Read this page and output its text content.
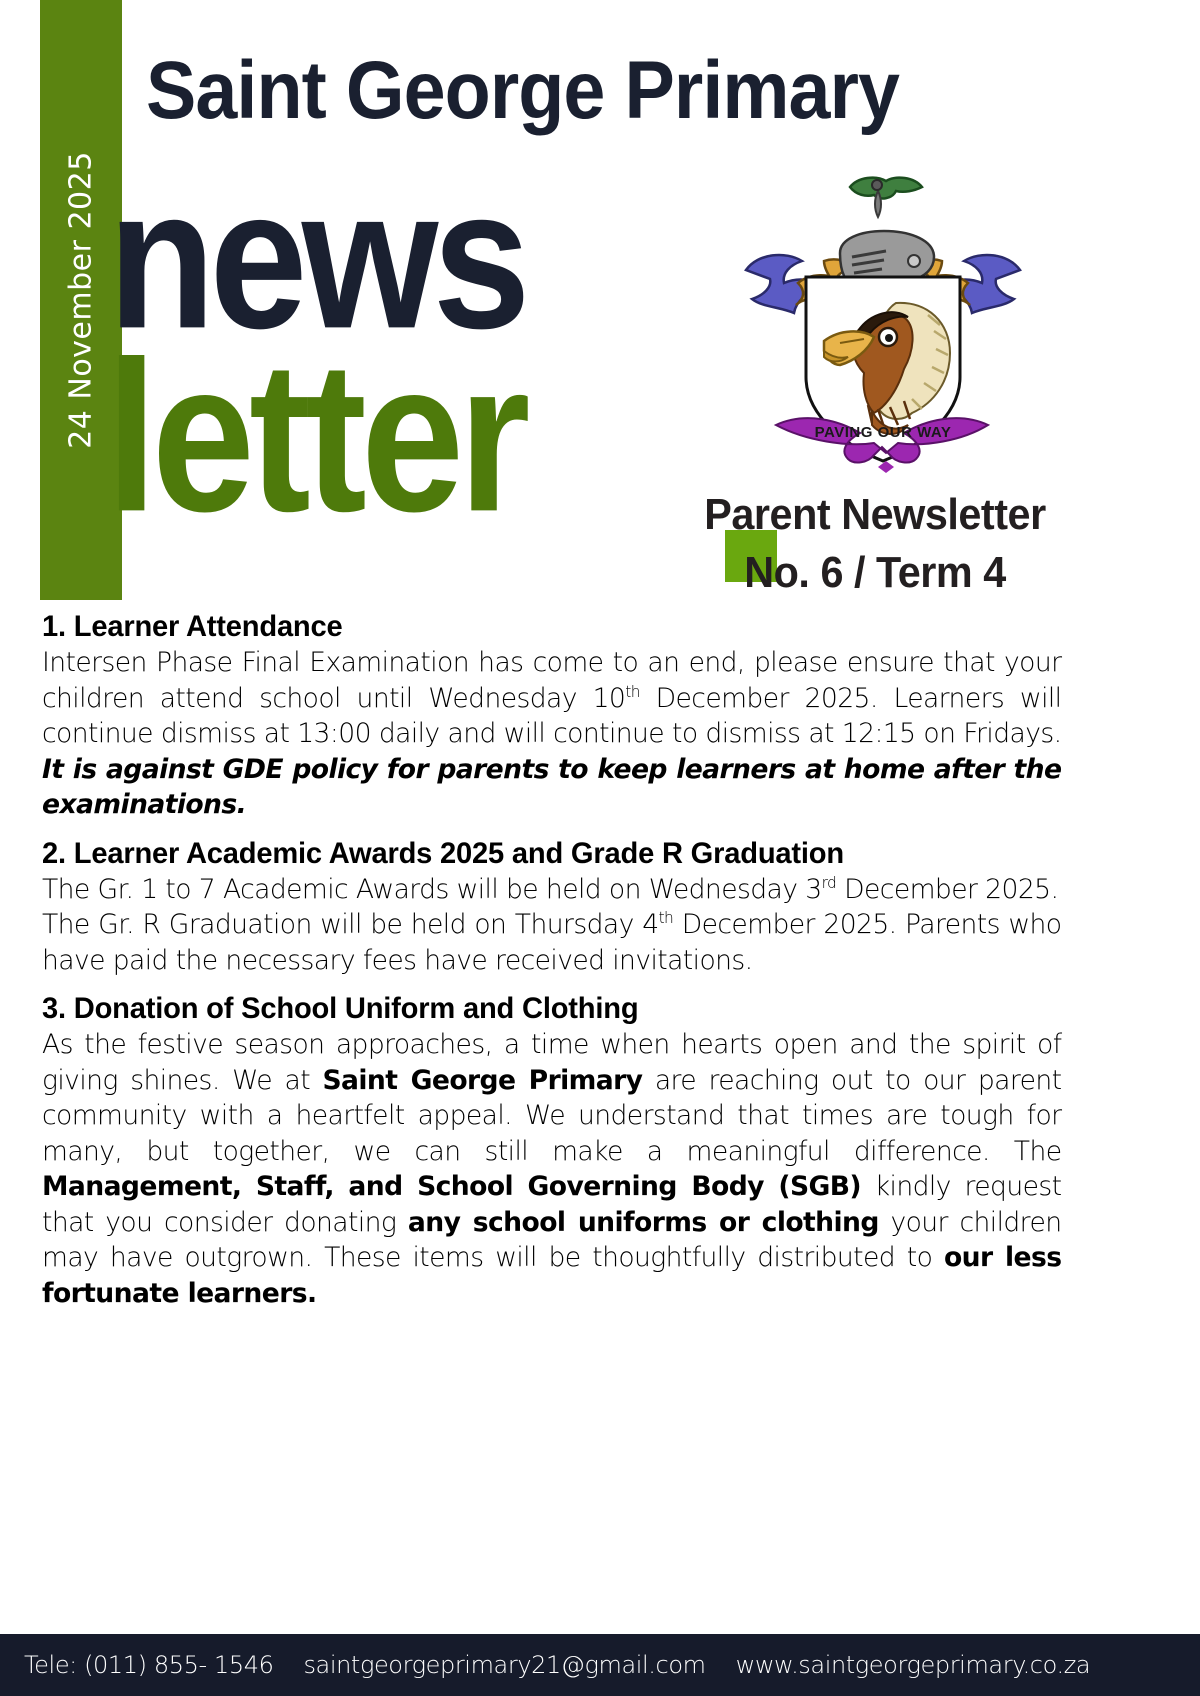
24 November 2025
Saint George Primary
news
letter	PAVING OUR WAY
Parent Newsletter
No. 6 / Term 4
1. Learner Attendance
Intersen Phase Final Examination has come to an end, please ensure that your children attend school until Wednesday 10th December 2025. Learners will continue dismiss at 13:00 daily and will continue to dismiss at 12:15 on Fridays. It is against GDE policy for parents to keep learners at home after the examinations.
2. Learner Academic Awards 2025 and Grade R Graduation
The Gr. 1 to 7 Academic Awards will be held on Wednesday 3rd December 2025.
The Gr. R Graduation will be held on Thursday 4th December 2025. Parents who have paid the necessary fees have received invitations.
3. Donation of School Uniform and Clothing
As the festive season approaches, a time when hearts open and the spirit of giving shines. We at Saint George Primary are reaching out to our parent community with a heartfelt appeal. We understand that times are tough for many, but together, we can still make a meaningful difference. The Management, Staff, and School Governing Body (SGB) kindly request that you consider donating any school uniforms or clothing your children may have outgrown. These items will be thoughtfully distributed to our less fortunate learners.
Tele: (011) 855- 1546 saintgeorgeprimary21@gmail.com www.saintgeorgeprimary.co.za
